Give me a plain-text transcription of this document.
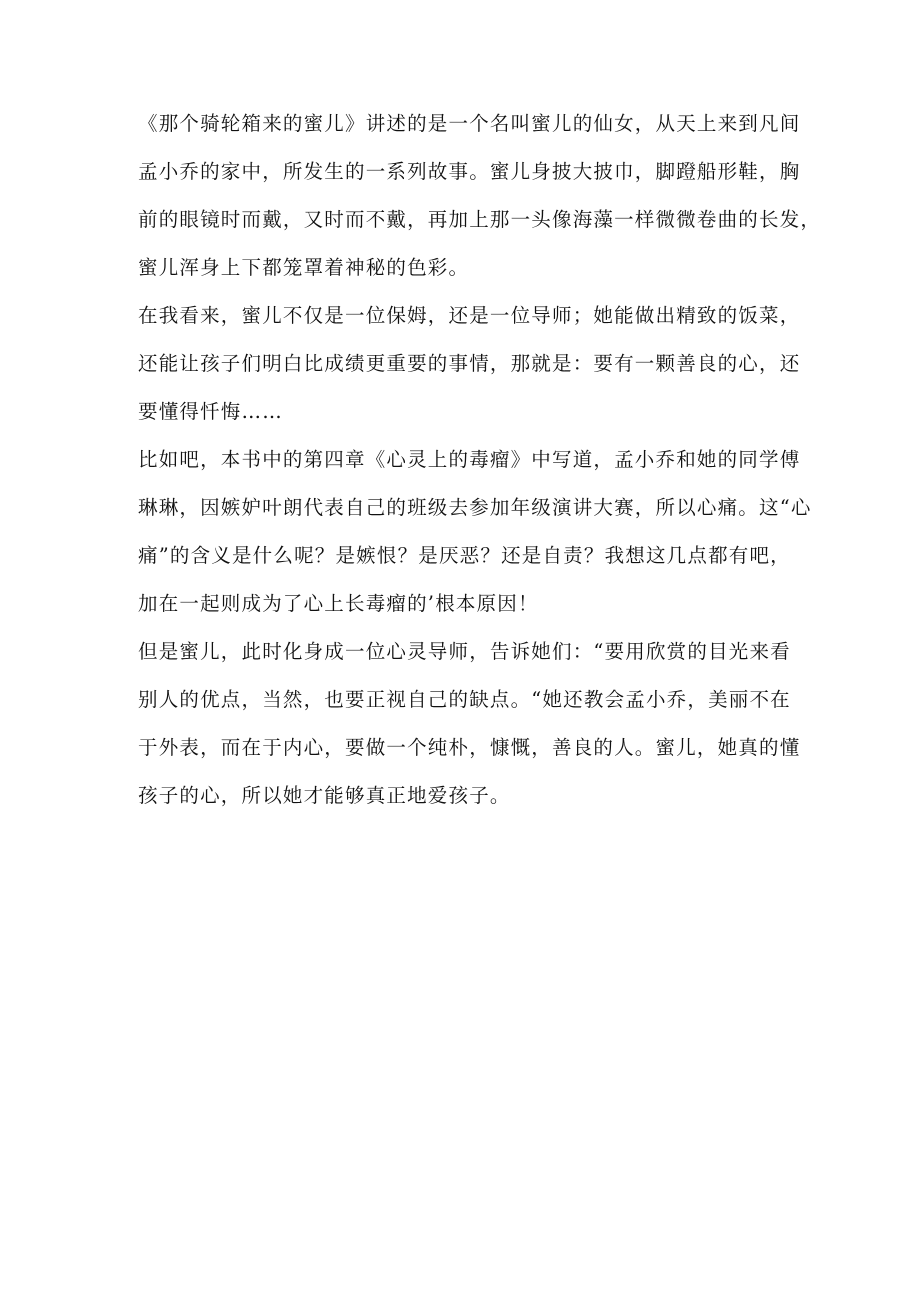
《那个骑轮箱来的蜜儿》讲述的是一个名叫蜜儿的仙女，从天上来到凡间
孟小乔的家中，所发生的一系列故事。蜜儿身披大披巾，脚蹬船形鞋，胸
前的眼镜时而戴，又时而不戴，再加上那一头像海藻一样微微卷曲的长发，
蜜儿浑身上下都笼罩着神秘的色彩。
在我看来，蜜儿不仅是一位保姆，还是一位导师；她能做出精致的饭菜，
还能让孩子们明白比成绩更重要的事情，那就是：要有一颗善良的心，还
要懂得忏悔……
比如吧，本书中的第四章《心灵上的毒瘤》中写道，孟小乔和她的同学傅
琳琳，因嫉妒叶朗代表自己的班级去参加年级演讲大赛，所以心痛。这“心
痛”的含义是什么呢？是嫉恨？是厌恶？还是自责？我想这几点都有吧，
加在一起则成为了心上长毒瘤的’根本原因！
但是蜜儿，此时化身成一位心灵导师，告诉她们：“要用欣赏的目光来看
别人的优点，当然，也要正视自己的缺点。“她还教会孟小乔，美丽不在
于外表，而在于内心，要做一个纯朴，慷慨，善良的人。蜜儿，她真的懂
孩子的心，所以她才能够真正地爱孩子。
